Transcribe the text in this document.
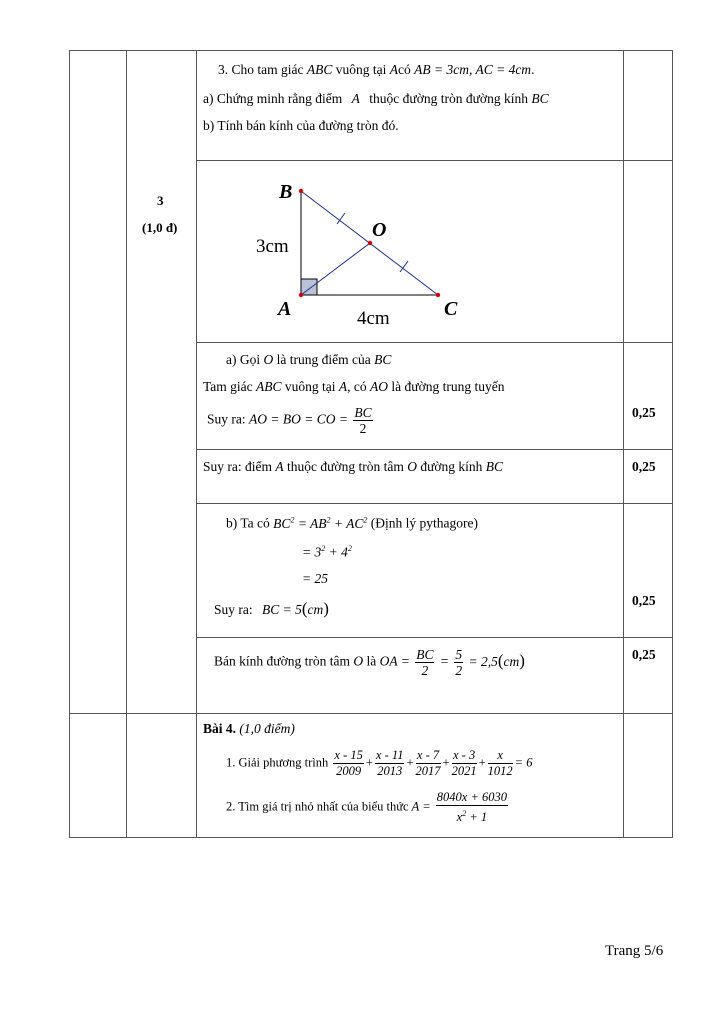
3
(1,0 đ)
3. Cho tam giác ABC vuông tại Acó AB = 3cm, AC = 4cm.
a) Chứng minh rằng điểm A thuộc đường tròn đường kính BC
b) Tính bán kính của đường tròn đó.
B
O
A	C
3cm
4cm
a) Gọi O là trung điểm của BC
Tam giác ABC vuông tại A, có AO là đường trung tuyến
Suy ra: AO = BO = CO = $\frac{BC}{2}$	0,25
Suy ra: điểm A thuộc đường tròn tâm O đường kính BC	0,25
b) Ta có $BC^2 = AB^2 + AC^2$ (Định lý pythagore)
= $3^2 + 4^2$
= 25
Suy ra: BC = 5(cm)	0,25
Bán kính đường tròn tâm O là OA = $\frac{BC}{2} = \frac{5}{2} = 2,5(cm)$	0,25
Bài 4. (1,0 điểm)
1. Giải phương trình $\frac{x - 15}{2009} + \frac{x - 11}{2013} + \frac{x - 7}{2017} + \frac{x - 3}{2021} + \frac{x}{1012} = 6$
2. Tìm giá trị nhỏ nhất của biểu thức $A = \frac{8040x + 6030}{x^2 + 1}$
Trang 5/6
